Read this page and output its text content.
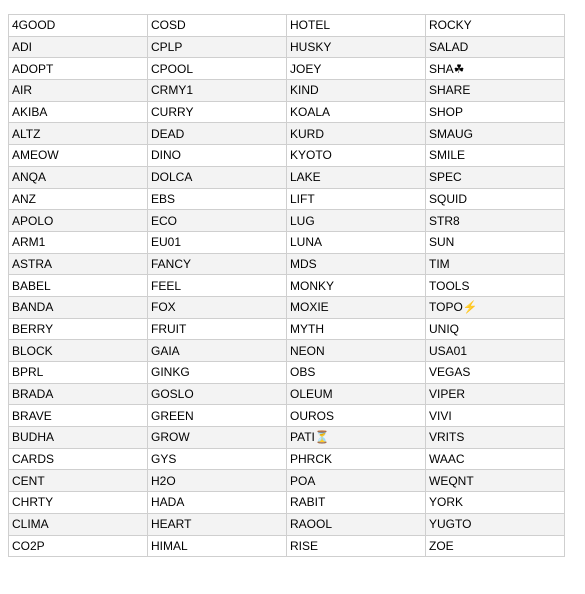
4GOOD	COSD	HOTEL	ROCKY
ADI	CPLP	HUSKY	SALAD
ADOPT	CPOOL	JOEY	SHA☘
AIR	CRMY1	KIND	SHARE
AKIBA	CURRY	KOALA	SHOP
ALTZ	DEAD	KURD	SMAUG
AMEOW	DINO	KYOTO	SMILE
ANQA	DOLCA	LAKE	SPEC
ANZ	EBS	LIFT	SQUID
APOLO	ECO	LUG	STR8
ARM1	EU01	LUNA	SUN
ASTRA	FANCY	MDS	TIM
BABEL	FEEL	MONKY	TOOLS
BANDA	FOX	MOXIE	TOPO⚡
BERRY	FRUIT	MYTH	UNIQ
BLOCK	GAIA	NEON	USA01
BPRL	GINKG	OBS	VEGAS
BRADA	GOSLO	OLEUM	VIPER
BRAVE	GREEN	OUROS	VIVI
BUDHA	GROW	PATI⏳	VRITS
CARDS	GYS	PHRCK	WAAC
CENT	H2O	POA	WEQNT
CHRTY	HADA	RABIT	YORK
CLIMA	HEART	RAOOL	YUGTO
CO2P	HIMAL	RISE	ZOE
